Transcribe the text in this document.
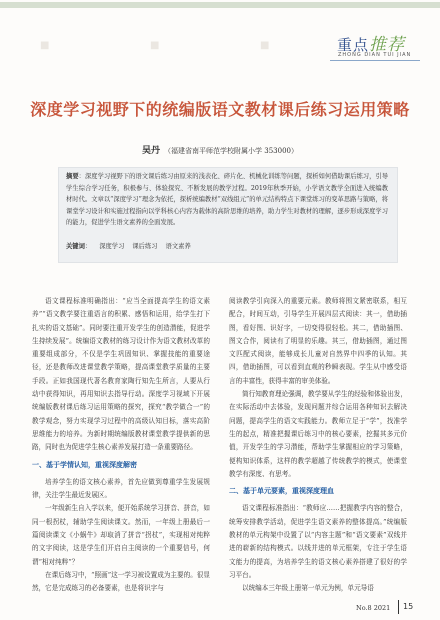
■	■	■	重点推荐
ZHONG DIAN TUI JIAN
深度学习视野下的统编版语文教材课后练习运用策略
吴丹 （福建省南平师范学校附属小学 353000）
摘要：深度学习视野下的语文课后练习由原来的浅表化、碎片化、机械化训练等问题，探析如何借助课后练习，引导学生综合学习任务，积极参与、体验探究、不断发展的教学过程。2019年秋季开始，小学语文教学全面进入统编教材时代。文章以“深度学习”理念为依托，探析统编教材“双线组元”的单元结构特点下课堂练习的变革思路与策略，将课堂学习设计和实施过程指向以学科核心内容为载体的高阶思维的培养，助力学生对教材的理解，逐步形成深度学习的能力，促进学生语文素养的全面发展。
关键词： 深度学习 课后练习 语文素养

语文课程标准明确指出：“应当全面提高学生的语文素养”“语文教学要注重语言的积累、感悟和运用，给学生打下扎实的语文基础”。同时要注重开发学生的创造潜能，促进学生持续发展”。统编语文教材的练习设计作为语文教材改革的重要组成部分，不仅是学生巩固知识、掌握技能的重要途径，还是教师改进课堂教学策略，提高课堂教学质量的主要手段。正如我国现代著名教育家陶行知先生所言，人要从行动中获得知识，再用知识去指导行动。深度学习视域下开展统编版教材课后练习运用策略的探究，探究“教学做合一”的教学观念，努力实现学习过程中的高级认知目标，落实高阶思维能力的培养。为新时期统编版教材课堂教学提供新的思路，同时也为促进学生核心素养发展打造一条重要路径。

一、基于学情认知，重视深度解密

培养学生的语文核心素养，首先应做到尊重学生发展规律，关注学生最近发展区。

一年级新生自入学以来，便开始系统学习拼音、拼音，如同一根拐杖，辅助学生阅读课文。然而，一年级上册最后一篇阅读课文《小蜗牛》却取消了拼音“拐杖”，实现相对纯粹的文字阅读，这是学生们开启自主阅读的一个重要信号，何谓“相对纯粹”？

在课后练习中，“照画”这一学习被设置成为主要的。很显然，它是完成练习的必备要素，也是将识字与

阅读教学引向深入的重要元素。教师将围文紧密联系，相互配合，时间互动，引导学生开展四层式阅读：其一，借助插图，看好图、识好字，一切变得很轻松。其二，借助插图、图文合作，阅读有了明显的乐趣。其三，借助插图，通过图文匹配式阅读，能够成长儿童对自然界中四季的认知。其四，借助插图，可以看到直观的秒瞬表现。学生从中感受语言的丰富性，获得丰富的审美体验。

简行知教育理论强调，教学要从学生的经验和体验出发，在实际活动中去体验，发现问题并综合运用各种知识去解决问题，提高学生的语文实践能力。教师立足于“学”，找准学生的起点，精准把握课后练习中的核心要素，挖掘其多元价值，开发学生的学习潜能，帮助学生掌握相应的学习策略，便构知识体系，这样的教学超越了传统教学的模式，使课堂教学有深度、有思考。

二、基于单元要素，重视深度理血

语文课程标准指出：“教师应……把握教学内容的整合，统筹安排教学活动，促进学生语文素养的整体提高。”统编版教材的单元构架中设置了以“内容主题”和“语文要素”双线并进的崭新的结构模式。以线并进的单元框架，专注于学生语文能力的提高，为培养学生的语文核心素养搭建了很好的学习平台。

以统编本三年级上册第一单元为例，单元导语

No.8 2021 15
